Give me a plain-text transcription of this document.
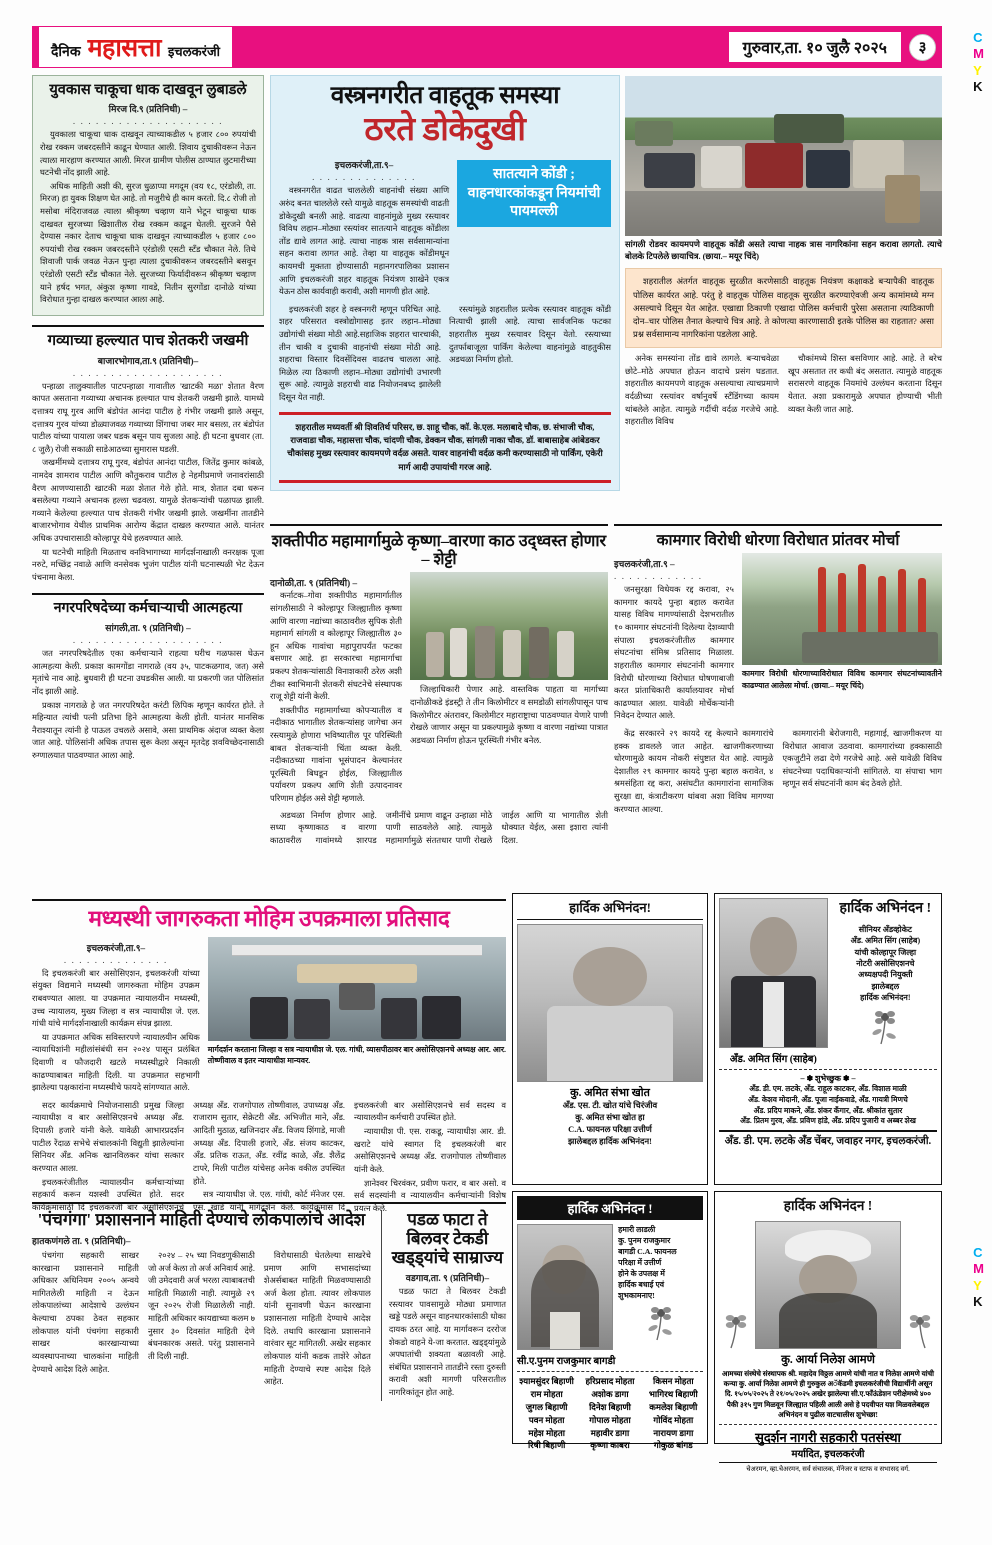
दैनिक महासत्ता इचलकरंजी	गुरुवार,ता. १० जुलै २०२५	३
C
M
Y
K
C
M
Y
K
युवकास चाकूचा धाक दाखवून लुबाडले
मिरज दि.९ (प्रतिनिधी) –
. . . . . . . . . . . . . . . . . . . .

युवकाला चाकूचा धाक दाखवून त्याच्याकडील ५ हजार ८०० रुपयांची रोख रक्कम जबरदस्तीने काढून घेण्यात आली. शिवाय दुचाकीवरून नेऊन त्याला मारहाण करण्यात आली. मिरज ग्रामीण पोलीस ठाण्यात लुटमारीच्या घटनेची नोंद झाली आहे.

अधिक माहिती अशी की, सुरज धुळाप्पा मगदूम (वय १८, एरंडोली, ता. मिरज) हा युवक शिक्षण घेत आहे. तो मजुरीचे ही काम करतो. दि.८ रोजी तो मसोबा मंदिराजवळ त्याला श्रीकृष्ण चव्हाण याने भेटून चाकूचा धाक दाखवत सुरजच्या खिशातील रोख रक्कम काढून घेतली. सुरजने पैसे देण्यास नकार देताच चाकूचा धाक दाखवून त्याच्याकडील ५ हजार ८०० रुपयांची रोख रक्कम जबरदस्तीने एरंडोली एसटी स्टँड चौकात नेले. तिथे शिवाजी पार्क जवळ नेऊन पुन्हा त्याला दुचाकीवरून जबरदस्तीने बसवून एरंडोली एसटी स्टँड चौकात नेले. सुरजच्या फिर्यादीवरून श्रीकृष्ण चव्हाण याने हर्षद भगत, अंकुश कृष्णा गावडे, नितीन सुरगोंडा दानोळे यांच्या विरोधात गुन्हा दाखल करण्यात आला आहे.

गव्याच्या हल्ल्यात पाच शेतकरी जखमी
बाजारभोगाव,ता.९ (प्रतिनिधी)–
. . . . . . . . . . . . . . . . . . . .

पन्हाळा तालुक्यातील पाटपन्हाळा गावातील 'खाटकी मळा' शेतात वैरण कापत असताना गव्याच्या अचानक हल्ल्यात पाच शेतकरी जखमी झाले. यामध्ये दत्तात्रय राघू गुरव आणि बंडोपंत आनंदा पाटील हे गंभीर जखमी झाले असून, दत्तात्रय गुरव यांच्या डोळ्याजवळ गव्याच्या शिंगाचा जबर मार बसला, तर बंडोपंत पाटील यांच्या पायाला जबर धडक बसून पाय सुजला आहे. ही घटना बुधवार (ता. ८ जुलै) रोजी सकाळी साडेआठच्या सुमारास घडली.

जखमींमध्ये दत्तात्रय राघू गुरव, बंडोपंत आनंदा पाटील, जितेंद्र कुमार कांबळे, नामदेव शामराव पाटील आणि कौतुकराव पाटील हे नेहमीप्रमाणे जनावरांसाठी वैरण आणण्यासाठी खाटकी मळा शेतात गेले होते. मात्र, शेतात दबा धरून बसलेल्या गव्याने अचानक हल्ला चढवला. यामुळे शेतकऱ्यांची पळापळ झाली. गव्याने केलेल्या हल्ल्यात पाच शेतकरी गंभीर जखमी झाले. जखमींना तातडीने बाजारभोगाव येथील प्राथमिक आरोग्य केंद्रात दाखल करण्यात आले. यानंतर अधिक उपचारासाठी कोल्हापूर येथे हलवण्यात आले.

या घटनेची माहिती मिळताच वनविभागाच्या मार्गदर्शनाखाली वनरक्षक पूजा नरुटे, मच्छिंद्र नवाळे आणि वनसेवक भुजंग पाटील यांनी घटनास्थळी भेट देऊन पंचनामा केला.

नगरपरिषदेच्या कर्मचाऱ्याची आत्महत्या
सांगली,ता. ९ (प्रतिनिधी) –
. . . . . . . . . . . . . . . . . . . .

जत नगरपरिषदेतील एका कर्मचाऱ्याने राहत्या घरीच गळफास घेऊन आत्महत्या केली. प्रकाश कामगोंडा नागराळे (वय ३५, पाटकळगाव, जत) असे मृतांचे नाव आहे. बुधवारी ही घटना उघडकीस आली. या प्रकरणी जत पोलिसांत नोंद झाली आहे.

प्रकाश नागराळे हे जत नगरपरिषदेत करंटी लिपिक म्हणून कार्यरत होते. ते महिन्यात त्यांची पत्नी प्रतिभा हिने आत्महत्या केली होती. यानंतर मानसिक नैराश्यातून त्यांनी हे पाऊल उचलले असावे, असा प्राथमिक अंदाज व्यक्त केला जात आहे. पोलिसांनी अधिक तपास सुरू केला असून मृतदेह शवविच्छेदनासाठी रुग्णालयात पाठवण्यात आला आहे.

वस्त्रनगरीत वाहतूक समस्या
ठरते डोकेदुखी
इचलकरंजी,ता.९–
. . . . . . . . . . . . . .

वस्त्रनगरीत वाढत चाललेली वाहनांची संख्या आणि अरुंद बनत चाललेले रस्ते यामुळे वाहतूक समस्यांची वाढती डोकेदुखी बनली आहे. वाढत्या वाहनांमुळे मुख्य रस्त्यावर विविध लहान–मोठ्या रस्त्यांवर सातत्याने वाहतूक कोंडीला तोंड द्यावे लागत आहे. त्याचा नाहक त्रास सर्वसामान्यांना सहन करावा लागत आहे. तेव्हा या वाहतूक कोंडीमधून कायमची मुक्तता होण्यासाठी महानगरपालिका प्रशासन आणि इचलकरंजी शहर वाहतूक नियंत्रण शाखेने एकत्र येऊन ठोस कार्यवाही करावी, अशी मागणी होत आहे.

सातत्याने कोंडी ; वाहनधारकांकडून नियमांची पायमल्ली

इचलकरंजी शहर हे वस्त्रनगरी म्हणून परिचित आहे. शहर परिसरात वस्त्रोद्योगासह इतर लहान–मोठ्या उद्योगांची संख्या मोठी आहे.सहाजिक शहरात चारचाकी, तीन चाकी व दुचाकी वाहनांची संख्या मोठी आहे. शहराचा विस्तार दिवसेंदिवस वाढतच चालला आहे. मिळेल त्या ठिकाणी लहान–मोठ्या उद्योगांची उभारणी सुरू आहे. त्यामुळे शहराची वाढ नियोजनबध्द झालेली दिसून येत नाही.

रस्त्यांमुळे शहरातील प्रत्येक रस्त्यावर वाहतूक कोंडी नित्याची झाली आहे. त्याचा सार्वजनिक फटका शहरातील मुख्य रस्त्यावर दिसून येतो. रस्त्याच्या दुतर्फाबाजूला पार्किंग केलेल्या वाहनांमुळे वाहतुकीस अडथळा निर्माण होतो.

शहरातील मध्यवर्ती श्री शिवतिर्थ परिसर, छ. शाहू चौक, कॉ. के.एल. मलाबादे चौक, छ. संभाजी चौक, राजवाडा चौक, महासत्ता चौक, चांदणी चौक, डेक्कन चौक, सांगली नाका चौक, डॉ. बाबासाहेब आंबेडकर चौकांसह मुख्य रस्त्यावर कायमपणे वर्दळ असते. यावर वाहनांची वर्दळ कमी करण्यासाठी नो पार्किंग, एकेरी मार्ग आदी उपायांची गरज आहे.
सांगली रोडवर कायमपणे वाहतूक कोंडी असते त्याचा नाहक त्रास नागरिकांना सहन करावा लागतो. त्याचे बोलके टिपलेले छायाचित्र. (छाया.– मयूर चिंदे)

शहरातील अंतर्गत वाहतूक सुरळीत करणेसाठी वाहतूक नियंत्रण कक्षाकडे बऱ्यापैकी वाहतूक पोलिस कार्यरत आहे. परंतु हे वाहतूक पोलिस वाहतूक सुरळीत करण्याऐवजी अन्य कामांमध्ये मग्न असल्याचे दिसून येत आहेत. एखाद्या ठिकाणी एखादा पोलिस कर्मचारी पुरेसा असताना त्याठिकाणी दोन–चार पोलिस तैनात केल्याचे चित्र आहे. ते कोणत्या कारणासाठी इतके पोलिस का राहतात? असा प्रश्न सर्वसामान्य नागरिकांना पडलेला आहे.

अनेक समस्यांना तोंड द्यावे लागले. बऱ्याचवेळा छोटे–मोठे अपघात होऊन वादाचे प्रसंग घडतात. शहरातील कायमपणे वाहतूक असल्याचा त्याचप्रमाणे वर्दळीच्या रस्त्यांवर वर्षानुवर्षे स्टॅंडिंगच्या कायम थांबलेले आहेत. त्यामुळे गर्दीची वर्दळ गरजेचे आहे. शहरातील विविध

चौकांमध्ये शिस्त बसविणार आहे. आहे. ते बरेच खूप असतात तर कधी बंद असतात. त्यामुळे वाहतूक सरासरणे वाहतूक नियमांचे उल्लंघन करताना दिसून येतात. अशा प्रकारामुळे अपघात होण्याची भीती व्यक्त केली जात आहे.

शक्तीपीठ महामार्गामुळे कृष्णा–वारणा काठ उद्ध्वस्त होणार – शेट्टी
दानोळी,ता. ९ (प्रतिनिधी) –

कर्नाटक–गोवा शक्तीपीठ महामार्गातील सांगलीसाठी ने कोल्हापूर जिल्ह्यातील कृष्णा आणि वारणा नद्यांच्या काठावरील सुपिक शेती महामार्ग सांगली व कोल्हापूर जिल्ह्यातील ३० हून अधिक गावांचा महापुरापर्यंत फटका बसणार आहे. हा सरकारचा महामार्गाचा प्रकल्प शेतकऱ्यांसाठी विनाशकारी ठरेल अशी टीका स्वाभिमानी शेतकरी संघटनेचे संस्थापक राजू शेट्टी यांनी केली.

शक्तीपीठ महामार्गाच्या कोपऱ्यातील व नदीकाठ भागातील शेतकऱ्यांसह जागेचा अन रस्त्यामुळे होणारा भविष्यातील पूर परिस्थिती बाबत शेतकऱ्यांनी चिंता व्यक्त केली. नदीकाठच्या गावांना भूसंपादन केल्यानंतर पूरस्थिती बिघडून होईल, जिल्ह्यातील पर्यावरण प्रकल्प आणि शेती उत्पादनावर परिणाम होईल असे शेट्टी म्हणाले.

जिल्हाधिकारी पेणार आहे. वास्तविक पाहता या मार्गाच्या दानोळीकडे इंडस्ट्री ते तीन किलोमीटर व समडोळी सांगलीपासून पाच किलोमीटर अंतरावर, किलोमीटर महाराष्ट्राचा पाठवण्यात येणारे पाणी रोखले जाणार असून या प्रकल्पामुळे कृष्णा व वारणा नद्यांच्या पात्रात अडथळा निर्माण होऊन पूरस्थिती गंभीर बनेल.

अडथळा निर्माण होणार आहे. सध्या कृष्णाकाठ व वारणा काठावरील गावांमध्ये शारपड जमीनींचे प्रमाण वाढून उन्हाळा मोठे पाणी साठवलेले आहे. त्यामुळे महामार्गामुळे संततधार पाणी रोखले जाईल आणि या भागातील शेती धोक्यात येईल, असा इशारा त्यांनी दिला.

कामगार विरोधी धोरणा विरोधात प्रांतवर मोर्चा
इचलकरंजी,ता.९ –
. . . . . . . . . . . .

जनसुरक्षा विधेयक रद्द करावा, २५ कामगार कायदे पुन्हा बहाल करावेत यासह विविध मागण्यांसाठी देशभरातील १० कामगार संघटनांनी दिलेल्या देशव्यापी संपाला इचलकरंजीतील कामगार संघटनांचा संमिश्र प्रतिसाद मिळाला. शहरातील कामगार संघटनांनी कामगार विरोधी धोरणाच्या विरोधात घोषणाबाजी करत प्रांताधिकारी कार्यालयावर मोर्चा काढण्यात आला. यावेळी मोर्चेकऱ्यांनी निवेदन देण्यात आले.

कामगार विरोधी धोरणाच्याविरोधात विविध कामगार संघटनांच्यावतीने काढण्यात आलेला मोर्चा. (छाया.– मयूर चिंदे)

केंद्र सरकारने २९ कायदे रद्द केल्याने कामगारांचे हक्क डावलले जात आहेत. खाजगीकरणाच्या धोरणामुळे कायम नोकरी संपुष्टात येत आहे. त्यामुळे देशातील २९ कामगार कायदे पुन्हा बहाल करावेत, ४ श्रमसंहिता रद्द करा, असंघटीत कामगारांना सामाजिक सुरक्षा द्या, कंत्राटीकरण थांबवा अशा विविध मागण्या करण्यात आल्या.

कामगारांनी बेरोजगारी, महागाई, खाजगीकरण या विरोधात आवाज उठवावा. कामगारांच्या हक्कासाठी एकजुटीने लढा देणे गरजेचे आहे. असे यावेळी विविध संघटनेच्या पदाधिकाऱ्यांनी सांगितले. या संपाचा भाग म्हणून सर्व संघटनांनी काम बंद ठेवले होते.

मध्यस्थी जागरुकता मोहिम उपक्रमाला प्रतिसाद
इचलकरंजी,ता.९–
. . . . . . . . . . . . . .

दि इचलकरंजी बार असोसिएशन, इचलकरंजी यांच्या संयुक्त विद्यमाने मध्यस्थी जागरुकता मोहिम उपक्रम राबवण्यात आला. या उपक्रमात न्यायालयीन मध्यस्थी, उच्च न्यायालय, मुख्य जिल्हा व सत्र न्यायाधीश जे. एल. गांधी यांचे मार्गदर्शनाखाली कार्यक्रम संपन्न झाला.

या उपक्रमात अधिक सविस्तरपणे न्यायालयीन अधिक न्यायाधिशांनी महीलांसंबंधी सन २०२४ पासून प्रलंबित दिवाणी व फौजदारी खटले मध्यस्थीद्वारे निकाली काढण्याबाबत माहिती दिली. या उपक्रमात सहभागी झालेल्या पक्षकारांना मध्यस्थीचे फायदे सांगण्यात आले.

मार्गदर्शन करताना जिल्हा व सत्र न्यायाधीश जे. एल. गांधी, व्यासपीठावर बार असोसिएशनचे अध्यक्ष आर. आर. तोष्णीवाल व इतर न्यायाधीश मान्यवर.

सदर कार्यक्रमाचे नियोजनासाठी प्रमुख जिल्हा न्यायाधीश व बार असोसिएशनचे अध्यक्ष अँड. दिपाली हजारे यांनी केले. यावेळी आभारप्रदर्शन पाटील रेंदाळ सभेचे संचालकांनी विद्युती झालेल्यांना सिनियर अँड. अनिक खानविलकर यांचा सत्कार करण्यात आला.

इचलकरंजीतील न्यायालयीन कर्मचाऱ्यांच्या सहकार्य करून यशस्वी उपस्थित होते. सदर कार्यक्रमासाठी दि इचलकरंजी बार असोसिएशनचे अध्यक्ष अँड. राजगोपाल तोष्णीवाल, उपाध्यक्ष अँड. राजाराम सुतार, सेक्रेटरी अँड. अभिजीत माने, अँड. आदिती मुठाळ, खजिनदार अँड. विजय शिंगाडे, माजी अध्यक्ष अँड. दिपाली हजारे, अँड. संजय काटकर, अँड. प्रतिक राऊत, अँड. रवींद्र काळे, अँड. शैलेंद्र टापरे, मिली पाटील यांचेसह अनेक वकील उपस्थित होते.

सत्र न्यायाधीश जे. एल. गांधी, कोर्ट मॅनेजर एस. एस. खाडे यांनी मार्गदर्शन केले. कार्यक्रमास दि इचलकरंजी बार असोसिएशनचे सर्व सदस्य व न्यायालयीन कर्मचारी उपस्थित होते.

न्यायाधीश पी. एस. राकडू, न्यायाधीश आर. डी. खराटे यांचे स्वागत दि इचलकरंजी बार असोसिएशनचे अध्यक्ष अँड. राजगोपाल तोष्णीवाल यांनी केले.

ज्ञानेश्वर चिरवंकर, प्रवीण फरार, व बार असो. व सर्व सदस्यांनी व न्यायालयीन कर्मचाऱ्यांनी विशेष प्रयत्न केले.

'पंचगंगा' प्रशासनाने माहिती देण्याचे लोकपालांचे आदेश
हातकणंगले ता. ९ (प्रतिनिधी)–

पंचगंगा सहकारी साखर कारखाना प्रशासनाने माहिती अधिकार अधिनियम २००५ अन्वये मागितलेली माहिती न देऊन लोकपालांच्या आदेशाचे उल्लंघन केल्याचा ठपका ठेवत सहकार लोकपाल यांनी पंचगंगा सहकारी साखर कारखान्याच्या व्यवस्थापनाच्या चालकांना माहिती देण्याचे आदेश दिले आहेत.

२०२४ – २५ च्या निवडणुकीसाठी जो अर्ज केला तो अर्ज अनिवार्य आहे. जी उमेदवारी अर्ज भरला त्याबाबतची माहिती मिळाली नाही. त्यामुळे २९ जून २०२५ रोजी मिळालेली नाही. माहिती अधिकार कायद्याच्या कलम ७ नुसार ३० दिवसांत माहिती देणे बंधनकारक असते. परंतु प्रशासनाने ती दिली नाही.

विरोधासाठी घेतलेल्या साखरेचे प्रमाण आणि सभासदांच्या शेअर्सबाबत माहिती मिळवण्यासाठी अर्ज केला होता. त्यावर लोकपाल यांनी सुनावणी घेऊन कारखाना प्रशासनाला माहिती देण्याचे आदेश दिले. तथापि कारखाना प्रशासनाने वारंवार सूट मागितली. अखेर सहकार लोकपाल यांनी कडक ताशेरे ओढत माहिती देण्याचे स्पष्ट आदेश दिले आहेत.

पडळ फाटा ते बिलवर टेकडी खड्ड्यांचे साम्राज्य
वडगाव,ता. ९ (प्रतिनिधी)–

पडळ फाटा ते बिलवर टेकडी रस्त्यावर पावसामुळे मोठ्या प्रमाणात खड्डे पडले असून वाहनधारकांसाठी धोका दायक ठरत आहे. या मार्गावरून दररोज शेकडो वाहने ये-जा करतात. खड्ड्यांमुळे अपघातांची शक्यता बळावली आहे. संबंधित प्रशासनाने तातडीने रस्ता दुरुस्ती करावी अशी मागणी परिसरातील नागरिकांतून होत आहे.

हार्दिक अभिनंदन!
कु. अमित संभा खोत
अँड. एस. टी. खोत यांचे चिरंजीव
कु. अमित संभा खोत हा
C.A. फायनल परिक्षा उत्तीर्ण
झालेबद्दल हार्दिक अभिनंदन!
अँड. अमित सिंग (साहेब)
हार्दिक अभिनंदन !
सीनियर अँडव्होकेट
अँड. अमित सिंग (साहेब)
यांची कोल्हापूर जिल्हा
नोटरी असोसिएशनचे
अध्यक्षपदी नियुक्ती
झालेबद्दल
हार्दिक अभिनंदन!
– ✽ शुभेच्छुक ✽ –
अँड. डी. एम. लटके, अँड. राहूल काटकर, अँड. विशाल माळी
अँड. केशव मोदानी, अँड. पूजा नाईकवाडे, अँड. गायत्री मिणचे
अँड. प्रदिप माकने, अँड. शंकर कॅंगार, अँड. श्रीकांत सुतार
अँड. प्रितम गुरव, अँड. प्रविण हांडे, अँड. प्रदिप पुजारी व अब्बर शेख
अँड. डी. एम. लटके अँड चेंबर, जवाहर नगर, इचलकरंजी.
हार्दिक अभिनंदन !
हमारी लाडली
कु. पुनम राजकुमार
बागडी C.A. फायनल
परिक्षा में उत्तीर्ण
होने के उपलक्ष में
हार्दिक बधाई एवं
शुभकामनाए!
सी.ए.पुनम राजकुमार बागडी
श्यामसुंदर बिहाणी	हरिप्रसाद मोहता	किसन मोहता
राम मोहता	अशोक डागा	भागिरथ बिहाणी
जुगल बिहाणी	दिनेश बिहाणी	कमलेश बिहाणी
पवन मोहता	गोपाल मोहता	गोविंद मोहता
महेश मोहता	महावीर डागा	नारायण डागा
रिषी बिहाणी	कृष्णा काबरा	गोकुळ बांगड
हार्दिक अभिनंदन !
कु. आर्या निलेश आमणे
आमच्या संस्थेचे संस्थापक श्री. महादेव विठ्ठल आमणे यांची नात व निलेश आमणे यांची कन्या कु. आर्या निलेश आमणे ही गुरुकुल अॅकॅडमी इचलकरंजीची विद्यार्थीनी असून दि. १५/०५/२०२५ ते २१/०५/२०२५ अखेर झालेल्या सी.ए.फाँऊंडेशन परीक्षेमध्ये ४०० पैकी ३१५ गुण मिळवून जिल्ह्यात पहिली आली असे हे पदवीपत यश मिळवलेबद्दल अभिनंदन व पुढील वाटचालीस शुभेच्छा!
सुदर्शन नागरी सहकारी पतसंस्था
मर्यादित, इचलकरंजी
चेअरमन, व्हा.चेअरमन, सर्व संचालक, मॅनेजर व स्टाफ व सभासद वर्ग.
